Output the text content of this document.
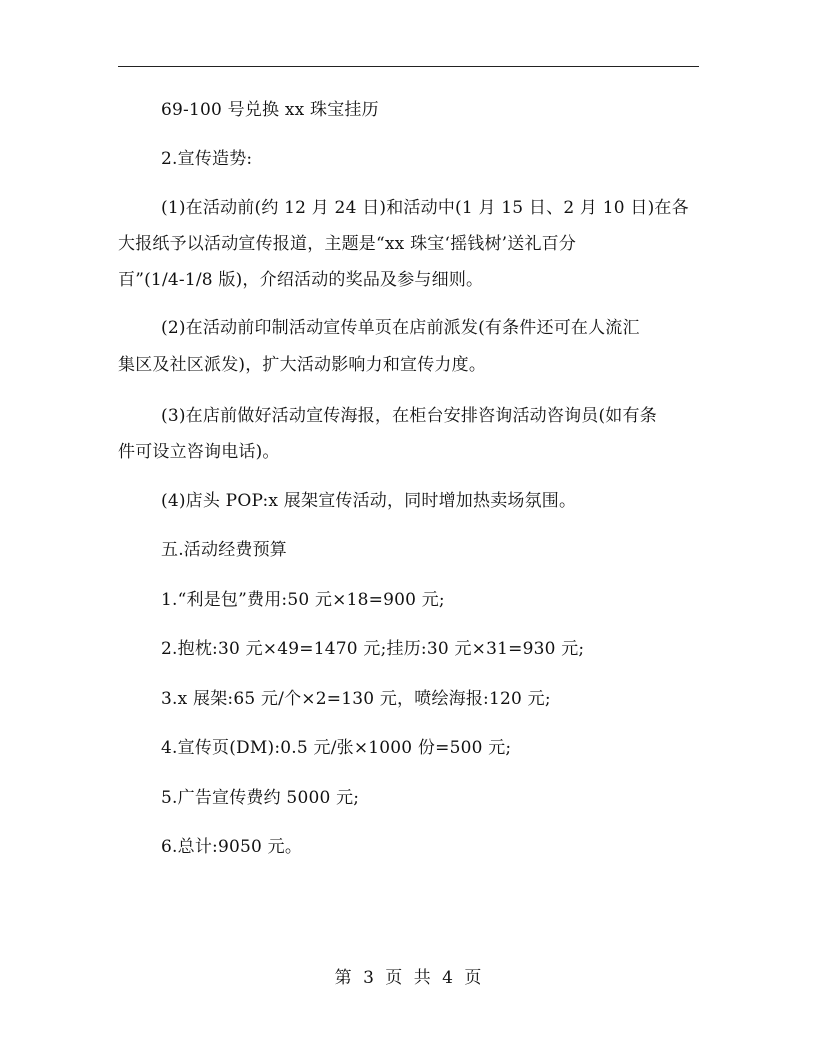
69-100 号兑换 xx 珠宝挂历
2.宣传造势:
(1)在活动前(约 12 月 24 日)和活动中(1 月 15 日、2 月 10 日)在各
大报纸予以活动宣传报道，主题是“xx 珠宝‘摇钱树’送礼百分
百”(1/4-1/8 版)，介绍活动的奖品及参与细则。
(2)在活动前印制活动宣传单页在店前派发(有条件还可在人流汇
集区及社区派发)，扩大活动影响力和宣传力度。
(3)在店前做好活动宣传海报，在柜台安排咨询活动咨询员(如有条
件可设立咨询电话)。
(4)店头 POP:x 展架宣传活动，同时增加热卖场氛围。
五.活动经费预算
1.“利是包”费用:50 元×18=900 元;
2.抱枕:30 元×49=1470 元;挂历:30 元×31=930 元;
3.x 展架:65 元/个×2=130 元，喷绘海报:120 元;
4.宣传页(DM):0.5 元/张×1000 份=500 元;
5.广告宣传费约 5000 元;
6.总计:9050 元。
第 3 页 共 4 页
